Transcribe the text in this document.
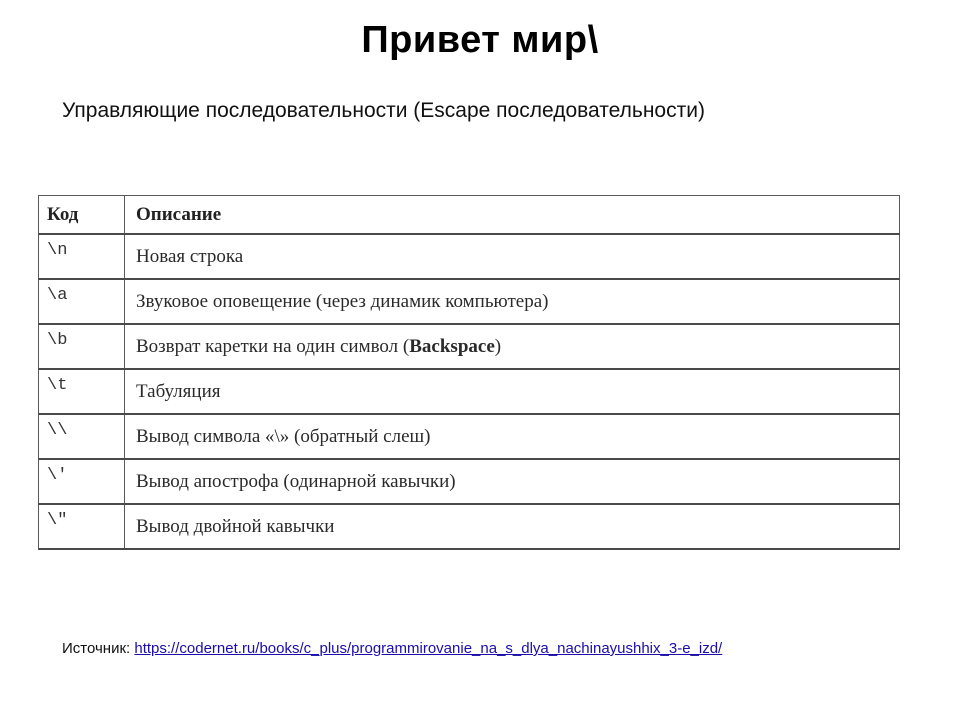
Привет мир\
Управляющие последовательности (Escape последовательности)
Код	Описание
\n	Новая строка
\a	Звуковое оповещение (через динамик компьютера)
\b	Возврат каретки на один символ (Backspace)
\t	Табуляция
\\	Вывод символа «\» (обратный слеш)
\'	Вывод апострофа (одинарной кавычки)
\"	Вывод двойной кавычки
Источник: https://codernet.ru/books/c_plus/programmirovanie_na_s_dlya_nachinayushhix_3-e_izd/
